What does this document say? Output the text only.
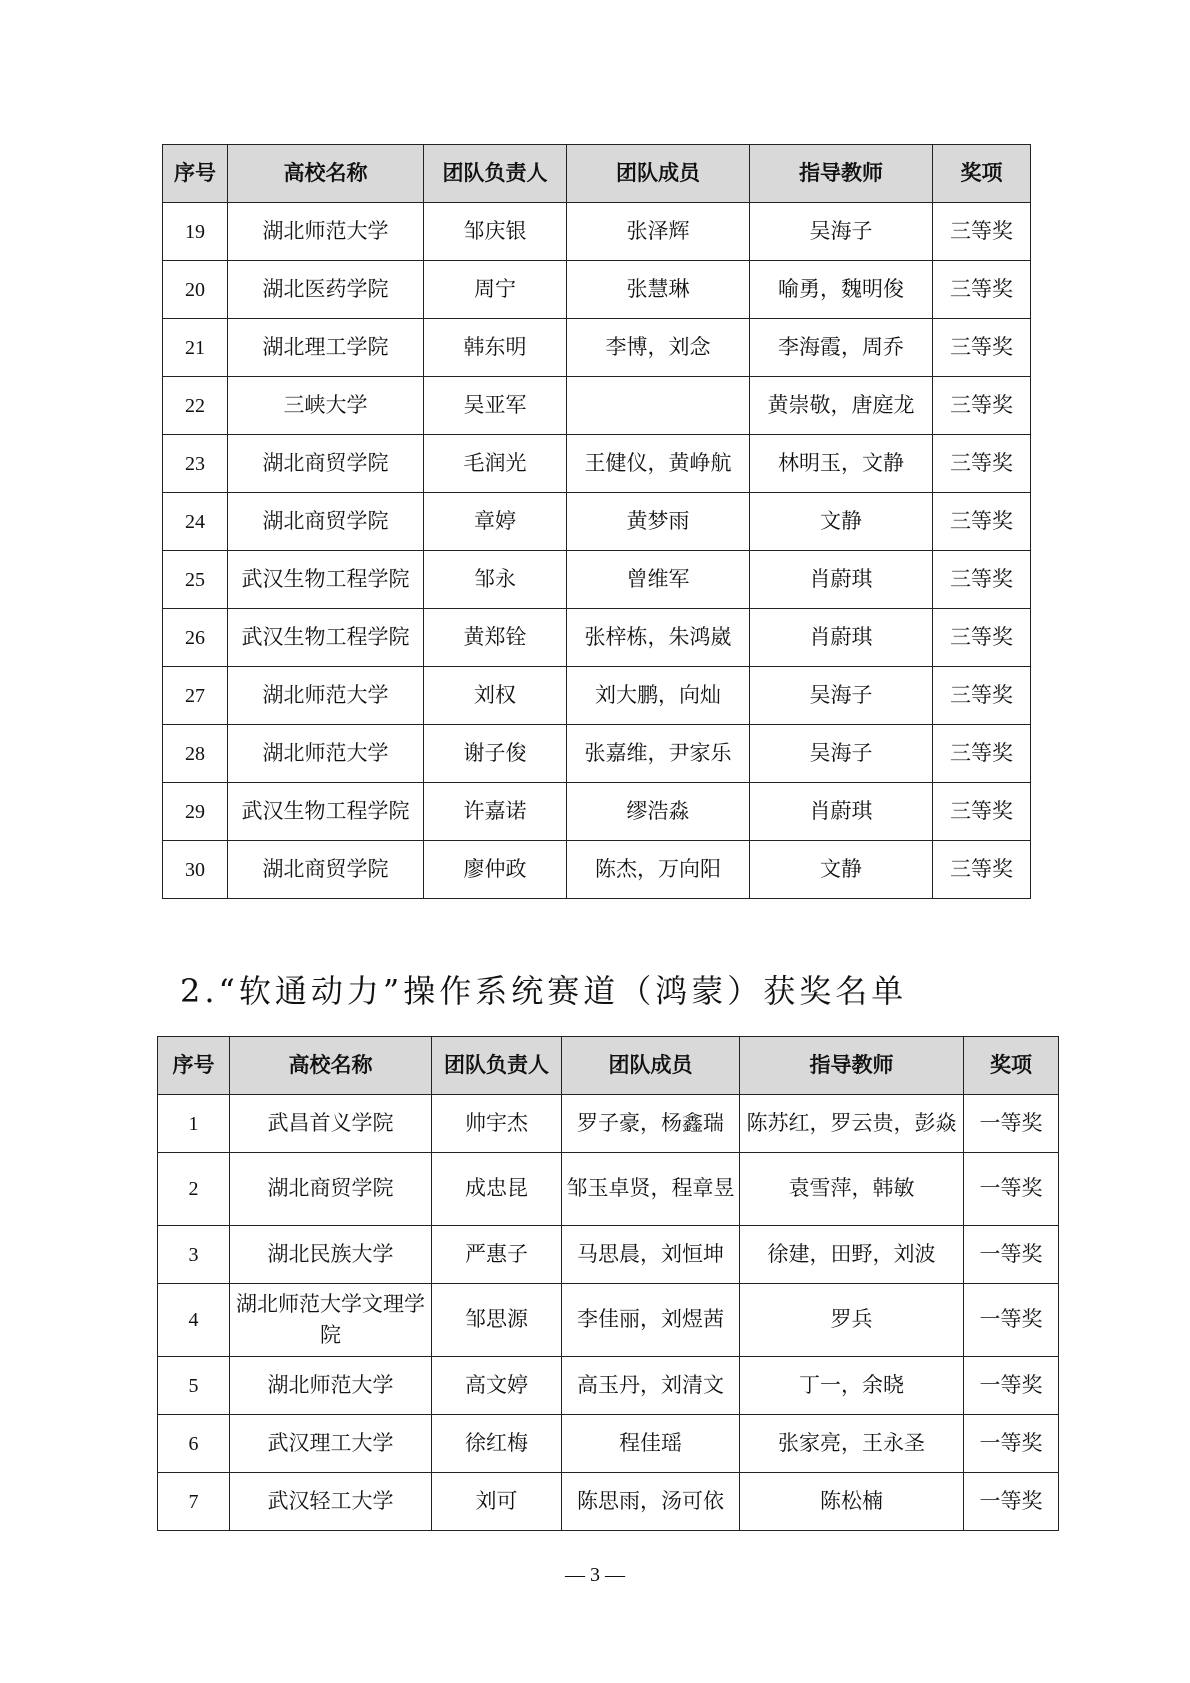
序号	高校名称	团队负责人	团队成员	指导教师	奖项
19	湖北师范大学	邹庆银	张泽辉	吴海子	三等奖
20	湖北医药学院	周宁	张慧琳	喻勇，魏明俊	三等奖
21	湖北理工学院	韩东明	李博，刘念	李海霞，周乔	三等奖
22	三峡大学	吴亚军		黄崇敬，唐庭龙	三等奖
23	湖北商贸学院	毛润光	王健仪，黄峥航	林明玉，文静	三等奖
24	湖北商贸学院	章婷	黄梦雨	文静	三等奖
25	武汉生物工程学院	邹永	曾维军	肖蔚琪	三等奖
26	武汉生物工程学院	黄郑铨	张梓栋，朱鸿崴	肖蔚琪	三等奖
27	湖北师范大学	刘权	刘大鹏，向灿	吴海子	三等奖
28	湖北师范大学	谢子俊	张嘉维，尹家乐	吴海子	三等奖
29	武汉生物工程学院	许嘉诺	缪浩淼	肖蔚琪	三等奖
30	湖北商贸学院	廖仲政	陈杰，万向阳	文静	三等奖
2.“软通动力”操作系统赛道（鸿蒙）获奖名单
序号	高校名称	团队负责人	团队成员	指导教师	奖项
1	武昌首义学院	帅宇杰	罗子豪，杨鑫瑞	陈苏红，罗云贵，彭焱	一等奖
2	湖北商贸学院	成忠昆	邹玉卓贤，程章昱	袁雪萍，韩敏	一等奖
3	湖北民族大学	严惠子	马思晨，刘恒坤	徐建，田野，刘波	一等奖
4	湖北师范大学文理学院	邹思源	李佳丽，刘煜茜	罗兵	一等奖
5	湖北师范大学	高文婷	高玉丹，刘清文	丁一，余晓	一等奖
6	武汉理工大学	徐红梅	程佳瑶	张家亮，王永圣	一等奖
7	武汉轻工大学	刘可	陈思雨，汤可依	陈松楠	一等奖
— 3 —
